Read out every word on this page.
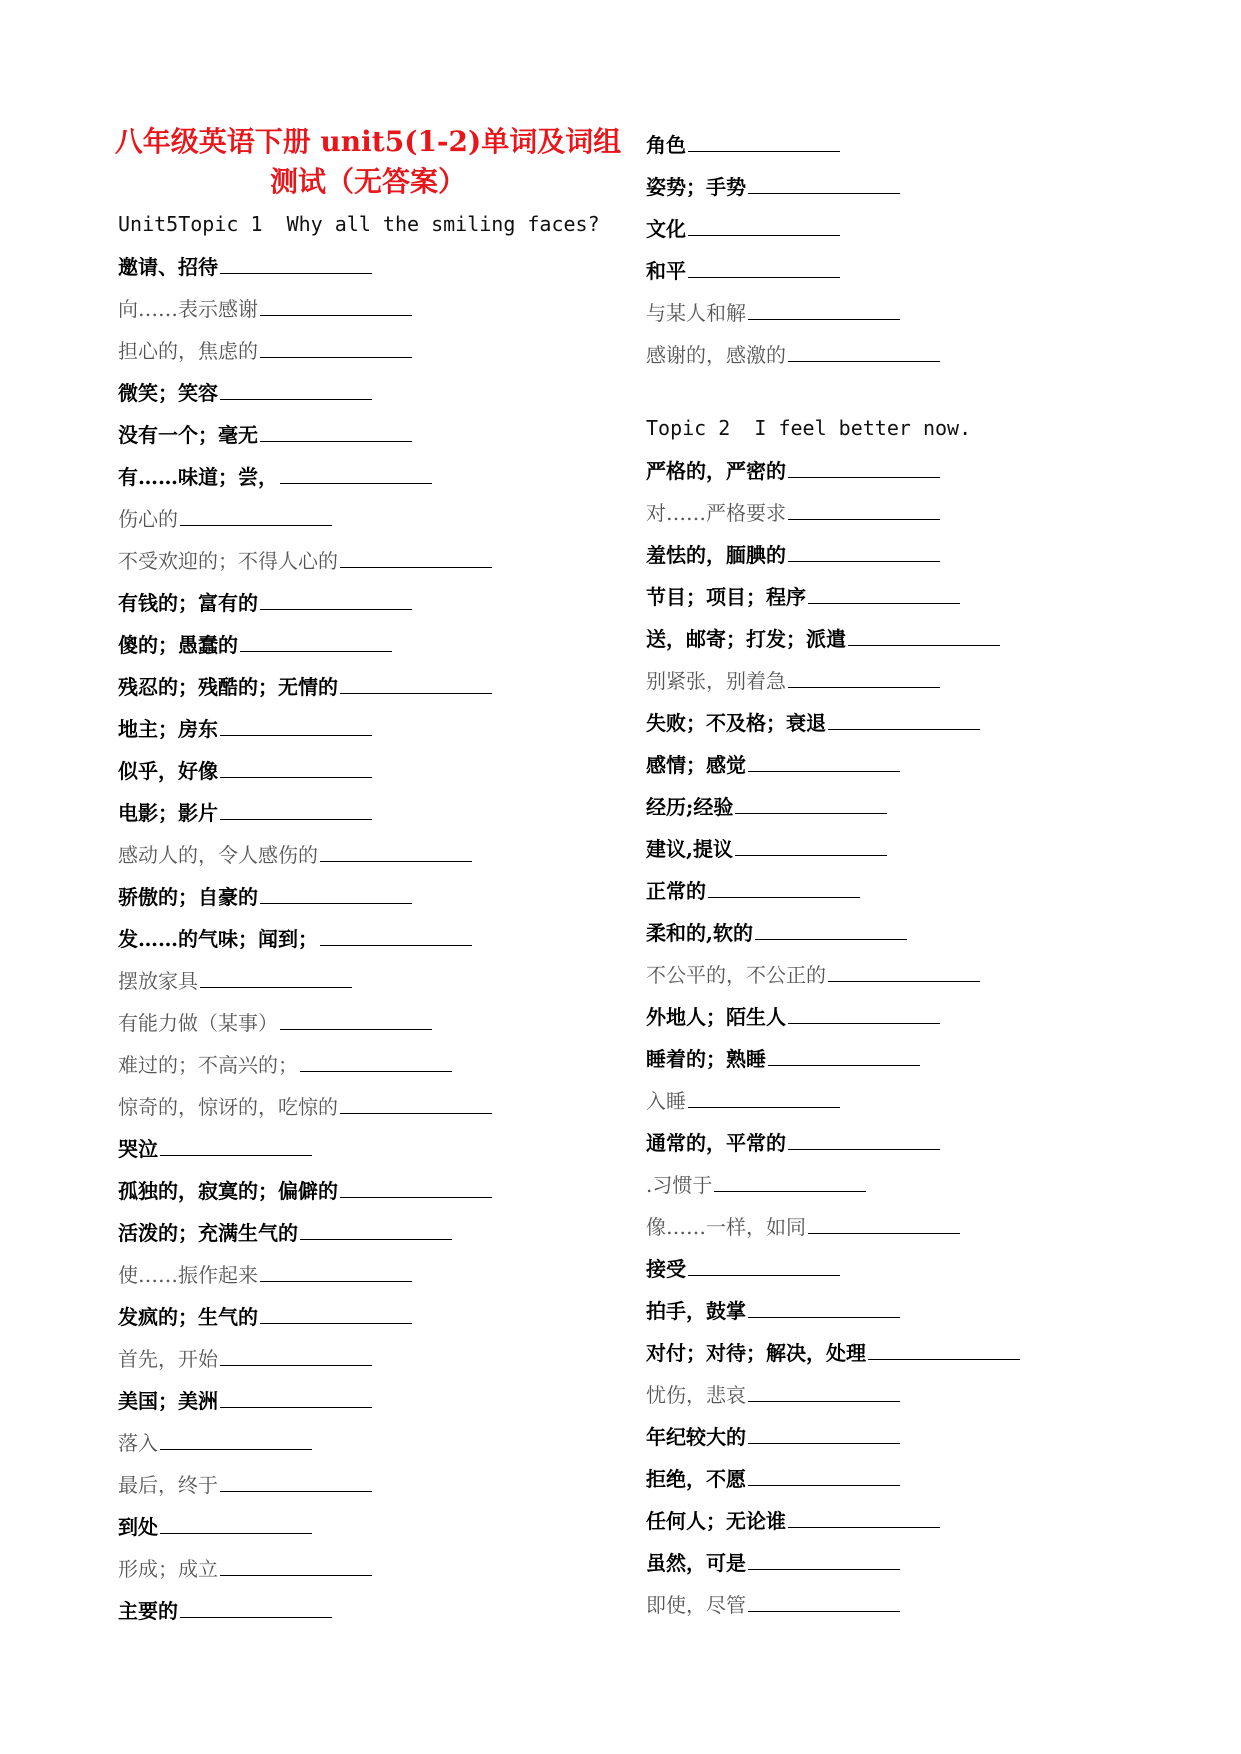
八年级英语下册 unit5(1-2)单词及词组测试（无答案）
Unit5Topic 1  Why all the smiling faces?
邀请、招待
向……表示感谢
担心的，焦虑的
微笑；笑容
没有一个；毫无
有……味道；尝，
伤心的
不受欢迎的；不得人心的
有钱的；富有的
傻的；愚蠢的
残忍的；残酷的；无情的
地主；房东
似乎，好像
电影；影片
感动人的，令人感伤的
骄傲的；自豪的
发……的气味；闻到；
摆放家具
有能力做（某事）
难过的；不高兴的；
惊奇的，惊讶的，吃惊的
哭泣
孤独的，寂寞的；偏僻的
活泼的；充满生气的
使……振作起来
发疯的；生气的
首先，开始
美国；美洲
落入
最后，终于
到处
形成；成立
主要的
角色
姿势；手势
文化
和平
与某人和解
感谢的，感激的
Topic 2  I feel better now.
严格的，严密的
对……严格要求
羞怯的，腼腆的
节目；项目；程序
送，邮寄；打发；派遣
别紧张，别着急
失败；不及格；衰退
感情；感觉
经历;经验
建议,提议
正常的
柔和的,软的
不公平的，不公正的
外地人；陌生人
睡着的；熟睡
入睡
通常的，平常的
.习惯于
像……一样，如同
接受
拍手，鼓掌
对付；对待；解决，处理
忧伤，悲哀
年纪较大的
拒绝，不愿
任何人；无论谁
虽然，可是
即使，尽管
